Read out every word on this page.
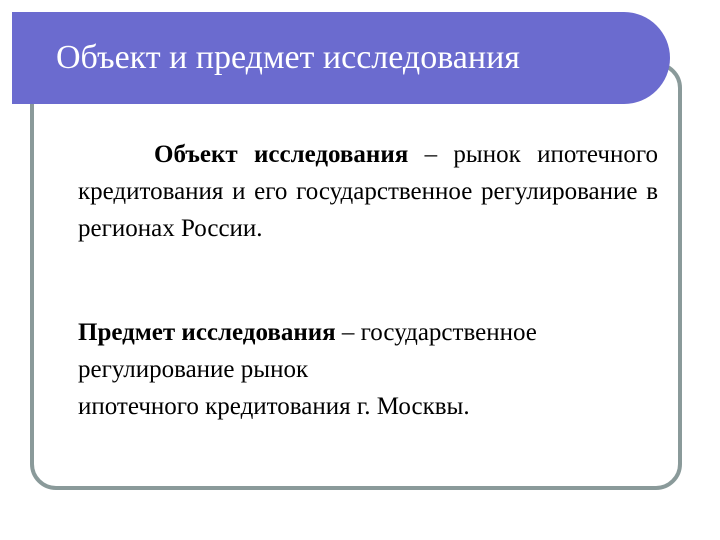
Объект и предмет исследования

Объект исследования – рынок ипотечного кредитования и его государственное регулирование в регионах России.

Предмет исследования – государственное
регулирование рынок
ипотечного кредитования г. Москвы.
